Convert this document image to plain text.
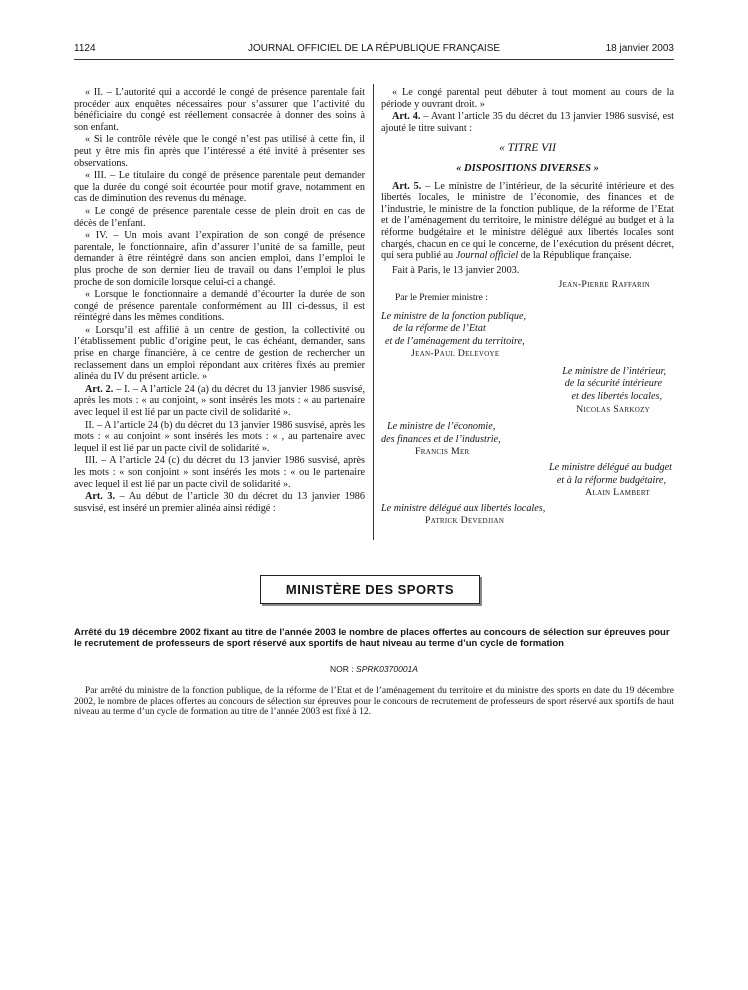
1124	JOURNAL OFFICIEL DE LA RÉPUBLIQUE FRANÇAISE	18 janvier 2003

« II. – L’autorité qui a accordé le congé de présence parentale fait procéder aux enquêtes nécessaires pour s’assurer que l’activité du bénéficiaire du congé est réellement consacrée à donner des soins à son enfant.

« Si le contrôle révèle que le congé n’est pas utilisé à cette fin, il peut y être mis fin après que l’intéressé a été invité à présenter ses observations.

« III. – Le titulaire du congé de présence parentale peut demander que la durée du congé soit écourtée pour motif grave, notamment en cas de diminution des revenus du ménage.

« Le congé de présence parentale cesse de plein droit en cas de décès de l’enfant.

« IV. – Un mois avant l’expiration de son congé de présence parentale, le fonctionnaire, afin d’assurer l’unité de sa famille, peut demander à être réintégré dans son ancien emploi, dans l’emploi le plus proche de son dernier lieu de travail ou dans l’emploi le plus proche de son domicile lorsque celui-ci a changé.

« Lorsque le fonctionnaire a demandé d’écourter la durée de son congé de présence parentale conformément au III ci-dessus, il est réintégré dans les mêmes conditions.

« Lorsqu’il est affilié à un centre de gestion, la collectivité ou l’établissement public d’origine peut, le cas échéant, demander, sans prise en charge financière, à ce centre de gestion de rechercher un reclassement dans un emploi répondant aux critères fixés au premier alinéa du IV du présent article. »

Art. 2. – I. – A l’article 24 (a) du décret du 13 janvier 1986 susvisé, après les mots : « au conjoint, » sont insérés les mots : « au partenaire avec lequel il est lié par un pacte civil de solidarité ».

II. – A l’article 24 (b) du décret du 13 janvier 1986 susvisé, après les mots : « au conjoint » sont insérés les mots : « , au partenaire avec lequel il est lié par un pacte civil de solidarité ».

III. – A l’article 24 (c) du décret du 13 janvier 1986 susvisé, après les mots : « son conjoint » sont insérés les mots : « ou le partenaire avec lequel il est lié par un pacte civil de solidarité ».

Art. 3. – Au début de l’article 30 du décret du 13 janvier 1986 susvisé, est inséré un premier alinéa ainsi rédigé :

« Le congé parental peut débuter à tout moment au cours de la période y ouvrant droit. »

Art. 4. – Avant l’article 35 du décret du 13 janvier 1986 susvisé, est ajouté le titre suivant :

« TITRE VII

« DISPOSITIONS DIVERSES »

Art. 5. – Le ministre de l’intérieur, de la sécurité intérieure et des libertés locales, le ministre de l’économie, des finances et de l’industrie, le ministre de la fonction publique, de la réforme de l’Etat et de l’aménagement du territoire, le ministre délégué au budget et à la réforme budgétaire et le ministre délégué aux libertés locales sont chargés, chacun en ce qui le concerne, de l’exécution du présent décret, qui sera publié au Journal officiel de la République française.

Fait à Paris, le 13 janvier 2003.

Jean-Pierre Raffarin

Par le Premier ministre :

Le ministre de la fonction publique,

de la réforme de l’Etat

et de l’aménagement du territoire,

Jean-Paul Delevoye

Le ministre de l’intérieur,

de la sécurité intérieure

et des libertés locales,

Nicolas Sarkozy

Le ministre de l’économie,

des finances et de l’industrie,

Francis Mer

Le ministre délégué au budget

et à la réforme budgétaire,

Alain Lambert

Le ministre délégué aux libertés locales,

Patrick Devedjian

MINISTÈRE DES SPORTS
Arrêté du 19 décembre 2002 fixant au titre de l’année 2003 le nombre de places offertes au concours de sélection sur épreuves pour le recrutement de professeurs de sport réservé aux sportifs de haut niveau au terme d’un cycle de formation
NOR : SPRK0370001A

Par arrêté du ministre de la fonction publique, de la réforme de l’Etat et de l’aménagement du territoire et du ministre des sports en date du 19 décembre 2002, le nombre de places offertes au concours de sélection sur épreuves pour le concours de recrutement de professeurs de sport réservé aux sportifs de haut niveau au terme d’un cycle de formation au titre de l’année 2003 est fixé à 12.
